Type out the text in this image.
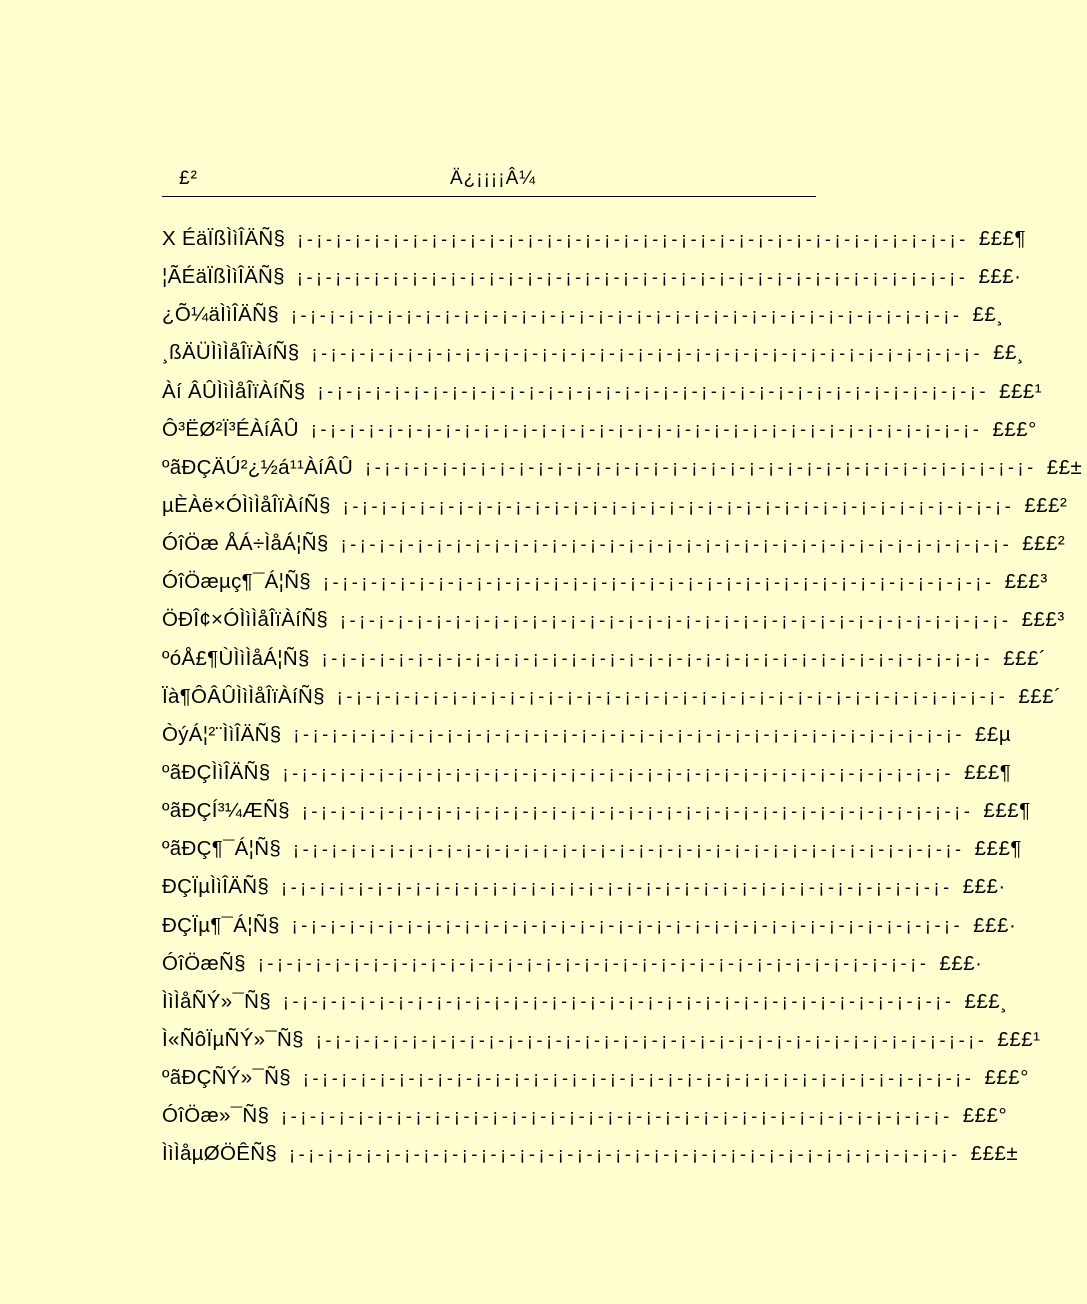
£²	Ä¿¡¡¡¡Â¼
X ÉäÏßÌìÎÄÑ§ ¡-¡-¡-¡-¡-¡-¡-¡-¡-¡-¡-¡-¡-¡-¡-¡-¡-¡-¡-¡-¡-¡-¡-¡-¡-¡-¡-¡-¡-¡-¡-¡-¡-¡-¡- £££¶
¦ÃÉäÏßÌìÎÄÑ§ ¡-¡-¡-¡-¡-¡-¡-¡-¡-¡-¡-¡-¡-¡-¡-¡-¡-¡-¡-¡-¡-¡-¡-¡-¡-¡-¡-¡-¡-¡-¡-¡-¡-¡-¡- £££·
¿Õ¼äÌìÎÄÑ§ ¡-¡-¡-¡-¡-¡-¡-¡-¡-¡-¡-¡-¡-¡-¡-¡-¡-¡-¡-¡-¡-¡-¡-¡-¡-¡-¡-¡-¡-¡-¡-¡-¡-¡-¡- ££¸
¸ßÄÜÌìÌåÎïÀíÑ§ ¡-¡-¡-¡-¡-¡-¡-¡-¡-¡-¡-¡-¡-¡-¡-¡-¡-¡-¡-¡-¡-¡-¡-¡-¡-¡-¡-¡-¡-¡-¡-¡-¡-¡-¡- ££¸
Àí ÂÛÌìÌåÎïÀíÑ§ ¡-¡-¡-¡-¡-¡-¡-¡-¡-¡-¡-¡-¡-¡-¡-¡-¡-¡-¡-¡-¡-¡-¡-¡-¡-¡-¡-¡-¡-¡-¡-¡-¡-¡-¡- £££¹
Ô³ËØ²Ï³ÉÀíÂÛ ¡-¡-¡-¡-¡-¡-¡-¡-¡-¡-¡-¡-¡-¡-¡-¡-¡-¡-¡-¡-¡-¡-¡-¡-¡-¡-¡-¡-¡-¡-¡-¡-¡-¡-¡- £££°
ºãÐÇÄÚ²¿½á¹¹ÀíÂÛ ¡-¡-¡-¡-¡-¡-¡-¡-¡-¡-¡-¡-¡-¡-¡-¡-¡-¡-¡-¡-¡-¡-¡-¡-¡-¡-¡-¡-¡-¡-¡-¡-¡-¡-¡- ££±
µÈÀë×ÓÌìÌåÎïÀíÑ§ ¡-¡-¡-¡-¡-¡-¡-¡-¡-¡-¡-¡-¡-¡-¡-¡-¡-¡-¡-¡-¡-¡-¡-¡-¡-¡-¡-¡-¡-¡-¡-¡-¡-¡-¡- £££²
ÓîÖæ ÅÁ÷ÌåÁ¦Ñ§ ¡-¡-¡-¡-¡-¡-¡-¡-¡-¡-¡-¡-¡-¡-¡-¡-¡-¡-¡-¡-¡-¡-¡-¡-¡-¡-¡-¡-¡-¡-¡-¡-¡-¡-¡- £££²
ÓîÖæµç¶¯Á¦Ñ§ ¡-¡-¡-¡-¡-¡-¡-¡-¡-¡-¡-¡-¡-¡-¡-¡-¡-¡-¡-¡-¡-¡-¡-¡-¡-¡-¡-¡-¡-¡-¡-¡-¡-¡-¡- £££³
ÖÐÎ¢×ÓÌìÌåÎïÀíÑ§ ¡-¡-¡-¡-¡-¡-¡-¡-¡-¡-¡-¡-¡-¡-¡-¡-¡-¡-¡-¡-¡-¡-¡-¡-¡-¡-¡-¡-¡-¡-¡-¡-¡-¡-¡- £££³
ºóÅ£¶ÙÌìÌåÁ¦Ñ§ ¡-¡-¡-¡-¡-¡-¡-¡-¡-¡-¡-¡-¡-¡-¡-¡-¡-¡-¡-¡-¡-¡-¡-¡-¡-¡-¡-¡-¡-¡-¡-¡-¡-¡-¡- £££´
Ïà¶ÔÂÛÌìÌåÎïÀíÑ§ ¡-¡-¡-¡-¡-¡-¡-¡-¡-¡-¡-¡-¡-¡-¡-¡-¡-¡-¡-¡-¡-¡-¡-¡-¡-¡-¡-¡-¡-¡-¡-¡-¡-¡-¡- £££´
ÒýÁ¦²¨ÌìÎÄÑ§ ¡-¡-¡-¡-¡-¡-¡-¡-¡-¡-¡-¡-¡-¡-¡-¡-¡-¡-¡-¡-¡-¡-¡-¡-¡-¡-¡-¡-¡-¡-¡-¡-¡-¡-¡- ££µ
ºãÐÇÌìÎÄÑ§ ¡-¡-¡-¡-¡-¡-¡-¡-¡-¡-¡-¡-¡-¡-¡-¡-¡-¡-¡-¡-¡-¡-¡-¡-¡-¡-¡-¡-¡-¡-¡-¡-¡-¡-¡- £££¶
ºãÐÇÍ³¼ÆÑ§ ¡-¡-¡-¡-¡-¡-¡-¡-¡-¡-¡-¡-¡-¡-¡-¡-¡-¡-¡-¡-¡-¡-¡-¡-¡-¡-¡-¡-¡-¡-¡-¡-¡-¡-¡- £££¶
ºãÐÇ¶¯Á¦Ñ§ ¡-¡-¡-¡-¡-¡-¡-¡-¡-¡-¡-¡-¡-¡-¡-¡-¡-¡-¡-¡-¡-¡-¡-¡-¡-¡-¡-¡-¡-¡-¡-¡-¡-¡-¡- £££¶
ÐÇÏµÌìÎÄÑ§ ¡-¡-¡-¡-¡-¡-¡-¡-¡-¡-¡-¡-¡-¡-¡-¡-¡-¡-¡-¡-¡-¡-¡-¡-¡-¡-¡-¡-¡-¡-¡-¡-¡-¡-¡- £££·
ÐÇÏµ¶¯Á¦Ñ§ ¡-¡-¡-¡-¡-¡-¡-¡-¡-¡-¡-¡-¡-¡-¡-¡-¡-¡-¡-¡-¡-¡-¡-¡-¡-¡-¡-¡-¡-¡-¡-¡-¡-¡-¡- £££·
ÓîÖæÑ§ ¡-¡-¡-¡-¡-¡-¡-¡-¡-¡-¡-¡-¡-¡-¡-¡-¡-¡-¡-¡-¡-¡-¡-¡-¡-¡-¡-¡-¡-¡-¡-¡-¡-¡-¡- £££·
ÌìÌåÑÝ»¯Ñ§ ¡-¡-¡-¡-¡-¡-¡-¡-¡-¡-¡-¡-¡-¡-¡-¡-¡-¡-¡-¡-¡-¡-¡-¡-¡-¡-¡-¡-¡-¡-¡-¡-¡-¡-¡- £££¸
Ì«ÑôÏµÑÝ»¯Ñ§ ¡-¡-¡-¡-¡-¡-¡-¡-¡-¡-¡-¡-¡-¡-¡-¡-¡-¡-¡-¡-¡-¡-¡-¡-¡-¡-¡-¡-¡-¡-¡-¡-¡-¡-¡- £££¹
ºãÐÇÑÝ»¯Ñ§ ¡-¡-¡-¡-¡-¡-¡-¡-¡-¡-¡-¡-¡-¡-¡-¡-¡-¡-¡-¡-¡-¡-¡-¡-¡-¡-¡-¡-¡-¡-¡-¡-¡-¡-¡- £££°
ÓîÖæ»¯Ñ§ ¡-¡-¡-¡-¡-¡-¡-¡-¡-¡-¡-¡-¡-¡-¡-¡-¡-¡-¡-¡-¡-¡-¡-¡-¡-¡-¡-¡-¡-¡-¡-¡-¡-¡-¡- £££°
ÌìÌåµØÖÊÑ§ ¡-¡-¡-¡-¡-¡-¡-¡-¡-¡-¡-¡-¡-¡-¡-¡-¡-¡-¡-¡-¡-¡-¡-¡-¡-¡-¡-¡-¡-¡-¡-¡-¡-¡-¡- £££±
